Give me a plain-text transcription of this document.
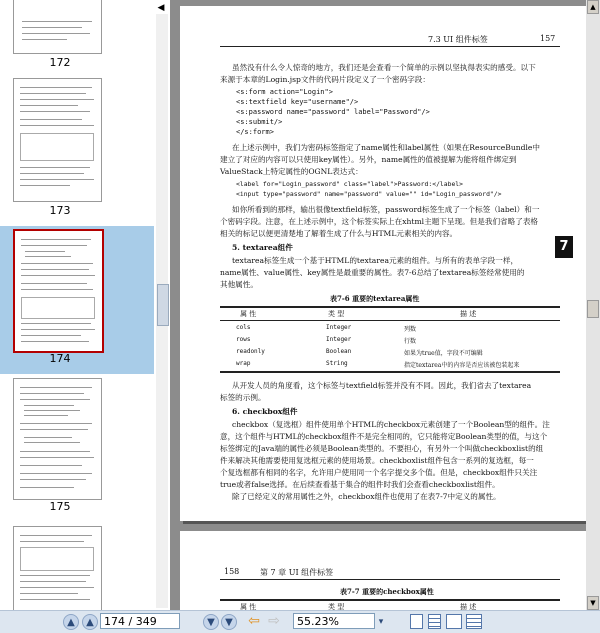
◀
172
173
174
175
7.3 UI 组件标签	157
虽然没有什么令人惊奇的地方，我们还是会查看一个简单的示例以坚执得表实的感受。以下
来源于本章的Login.jsp文件的代码片段定义了一个密码字段：
<s:form action="Login">
<s:textfield key="username"/>
<s:password name="password" label="Password"/>
<s:submit/>
</s:form>
在上述示例中，我们为密码标签指定了name属性和label属性（如果在ResourceBundle中
建立了对应的内容可以只使用key属性）。另外，name属性的值被提解为能将组件绑定到
ValueStack上特定属性的OGNL表达式：
<label for="Login_password" class="label">Password:</label>
<input type="password" name="password" value="" id="Login_password"/>
如你所看到的那样，输出很像textfield标签，password标签生成了一个标签（label）和一
个密码字段。注意，在上述示例中，这个标签实际上在xhtml主题下呈现。但是我们省略了表格
相关的标记以便更清楚地了解着生成了什么与HTML元素相关的内容。
5. textarea组件
textarea标签生成一个基于HTML的textarea元素的组件。与所有的表单字段一样，
name属性、value属性、key属性是最重要的属性。表7-6总结了textarea标签经常使用的
其他属性。
表7-6 重要的textarea属性
属 性	类 型	描 述
cols	Integer	列数
rows	Integer	行数
readonly	Boolean	如果为true值，字段不可编辑
wrap	String	指定textarea中的内容是否应该被包装起来
从开发人员的角度看，这个标签与textfield标签并没有不同。因此，我们省去了textarea
标签的示例。
6. checkbox组件
checkbox（复选框）组件使用单个HTML的checkbox元素创建了一个Boolean型的组件。注
意，这个组件与HTML的checkbox组件不是完全相同的，它只能将定Boolean类型的值，与这个
标签绑定的Java端的属性必须是Boolean类型的。不要担心，有另外一个叫做checkboxlist的组
件来解决其他需要使用复选框元素的使用场景。checkboxlist组件包含一系列的复选框，每一
个复选框都有相同的名字，允许用户使用同一个名字提交多个值。但是，checkbox组件只关注
true或者false选择。在后续查看基于集合的组件时我们会查看checkboxlist组件。
除了已经定义的常用属性之外，checkbox组件也使用了在表7-7中定义的属性。
158	第 7 章 UI 组件标签
表7-7 重要的checkbox属性
属 性	类 型	描 述
▲
▼
7
▲	▲ 174 / 349	▼	▼ ⇦ ⇨	55.23%	▾
